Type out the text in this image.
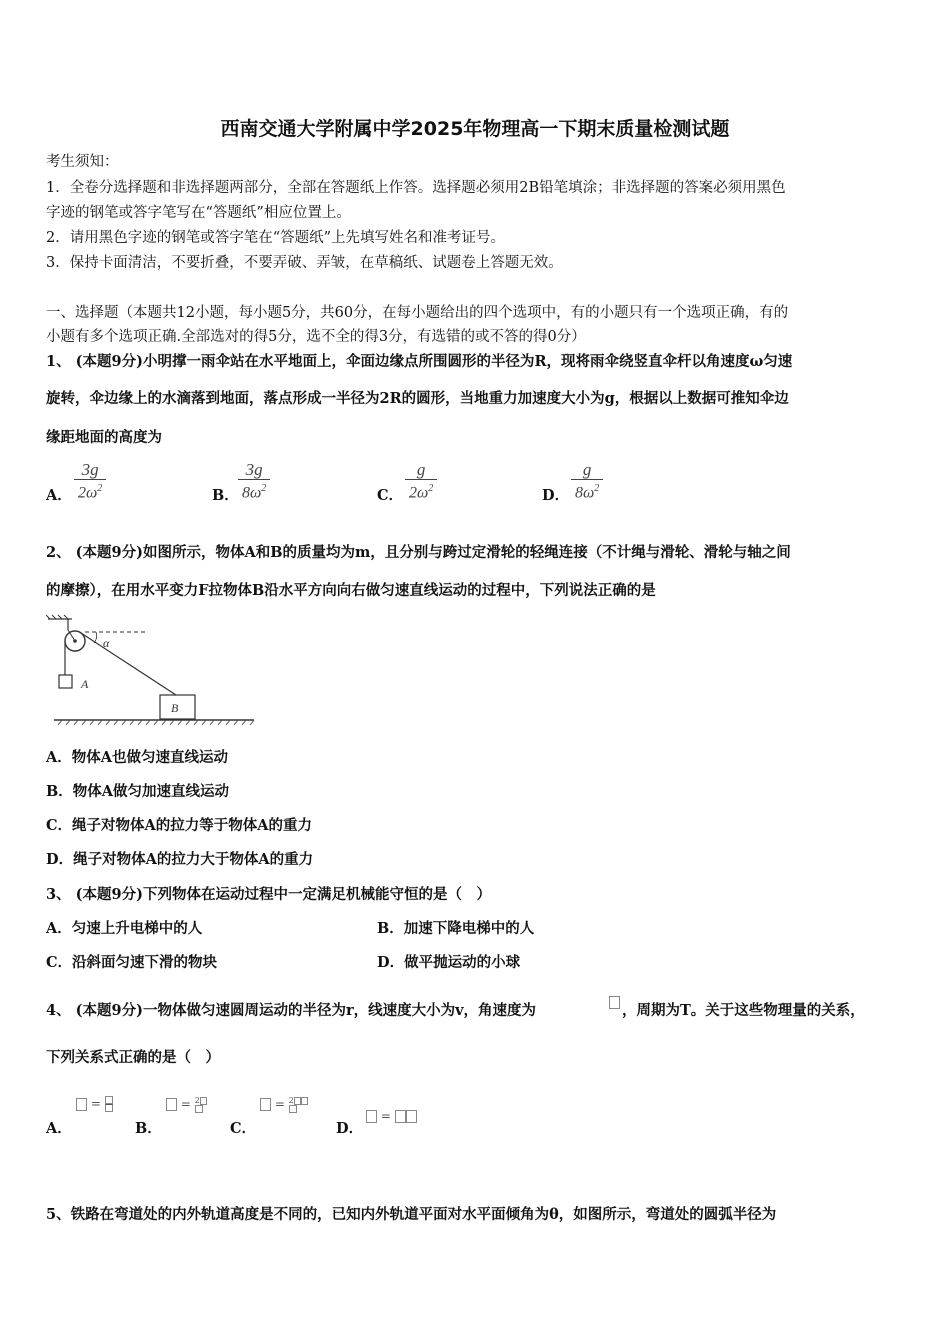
西南交通大学附属中学2025年物理高一下期末质量检测试题
考生须知：
1．全卷分选择题和非选择题两部分，全部在答题纸上作答。选择题必须用2B铅笔填涂；非选择题的答案必须用黑色
字迹的钢笔或答字笔写在“答题纸”相应位置上。
2．请用黑色字迹的钢笔或答字笔在“答题纸”上先填写姓名和准考证号。
3．保持卡面清洁，不要折叠，不要弄破、弄皱，在草稿纸、试题卷上答题无效。
一、选择题（本题共12小题，每小题5分，共60分，在每小题给出的四个选项中，有的小题只有一个选项正确，有的
小题有多个选项正确.全部选对的得5分，选不全的得3分，有选错的或不答的得0分）
1、 (本题9分)小明撑一雨伞站在水平地面上，伞面边缘点所围圆形的半径为R，现将雨伞绕竖直伞杆以角速度ω匀速
旋转，伞边缘上的水滴落到地面，落点形成一半径为2R的圆形，当地重力加速度大小为g，根据以上数据可推知伞边
缘距地面的高度为
A． $\frac{3g}{2\omega^2}$	B． $\frac{3g}{8\omega^2}$	C． $\frac{g}{2\omega^2}$	D． $\frac{g}{8\omega^2}$
2、 (本题9分)如图所示，物体A和B的质量均为m，且分别与跨过定滑轮的轻绳连接（不计绳与滑轮、滑轮与轴之间
的摩擦），在用水平变力F拉物体B沿水平方向向右做匀速直线运动的过程中，下列说法正确的是
A
α
B
A．物体A也做匀速直线运动
B．物体A做匀加速直线运动
C．绳子对物体A的拉力等于物体A的重力
D．绳子对物体A的拉力大于物体A的重力
3、 (本题9分)下列物体在运动过程中一定满足机械能守恒的是（　）
A．匀速上升电梯中的人	B．加速下降电梯中的人
C．沿斜面匀速下滑的物块	D．做平抛运动的小球
4、 (本题9分)一物体做匀速圆周运动的半径为r，线速度大小为v，角速度为	，周期为T。关于这些物理量的关系，
下列关系式正确的是（　）
A．
=
B．
= 2
C．
= 2
D．
=
5、铁路在弯道处的内外轨道高度是不同的，已知内外轨道平面对水平面倾角为θ，如图所示，弯道处的圆弧半径为
